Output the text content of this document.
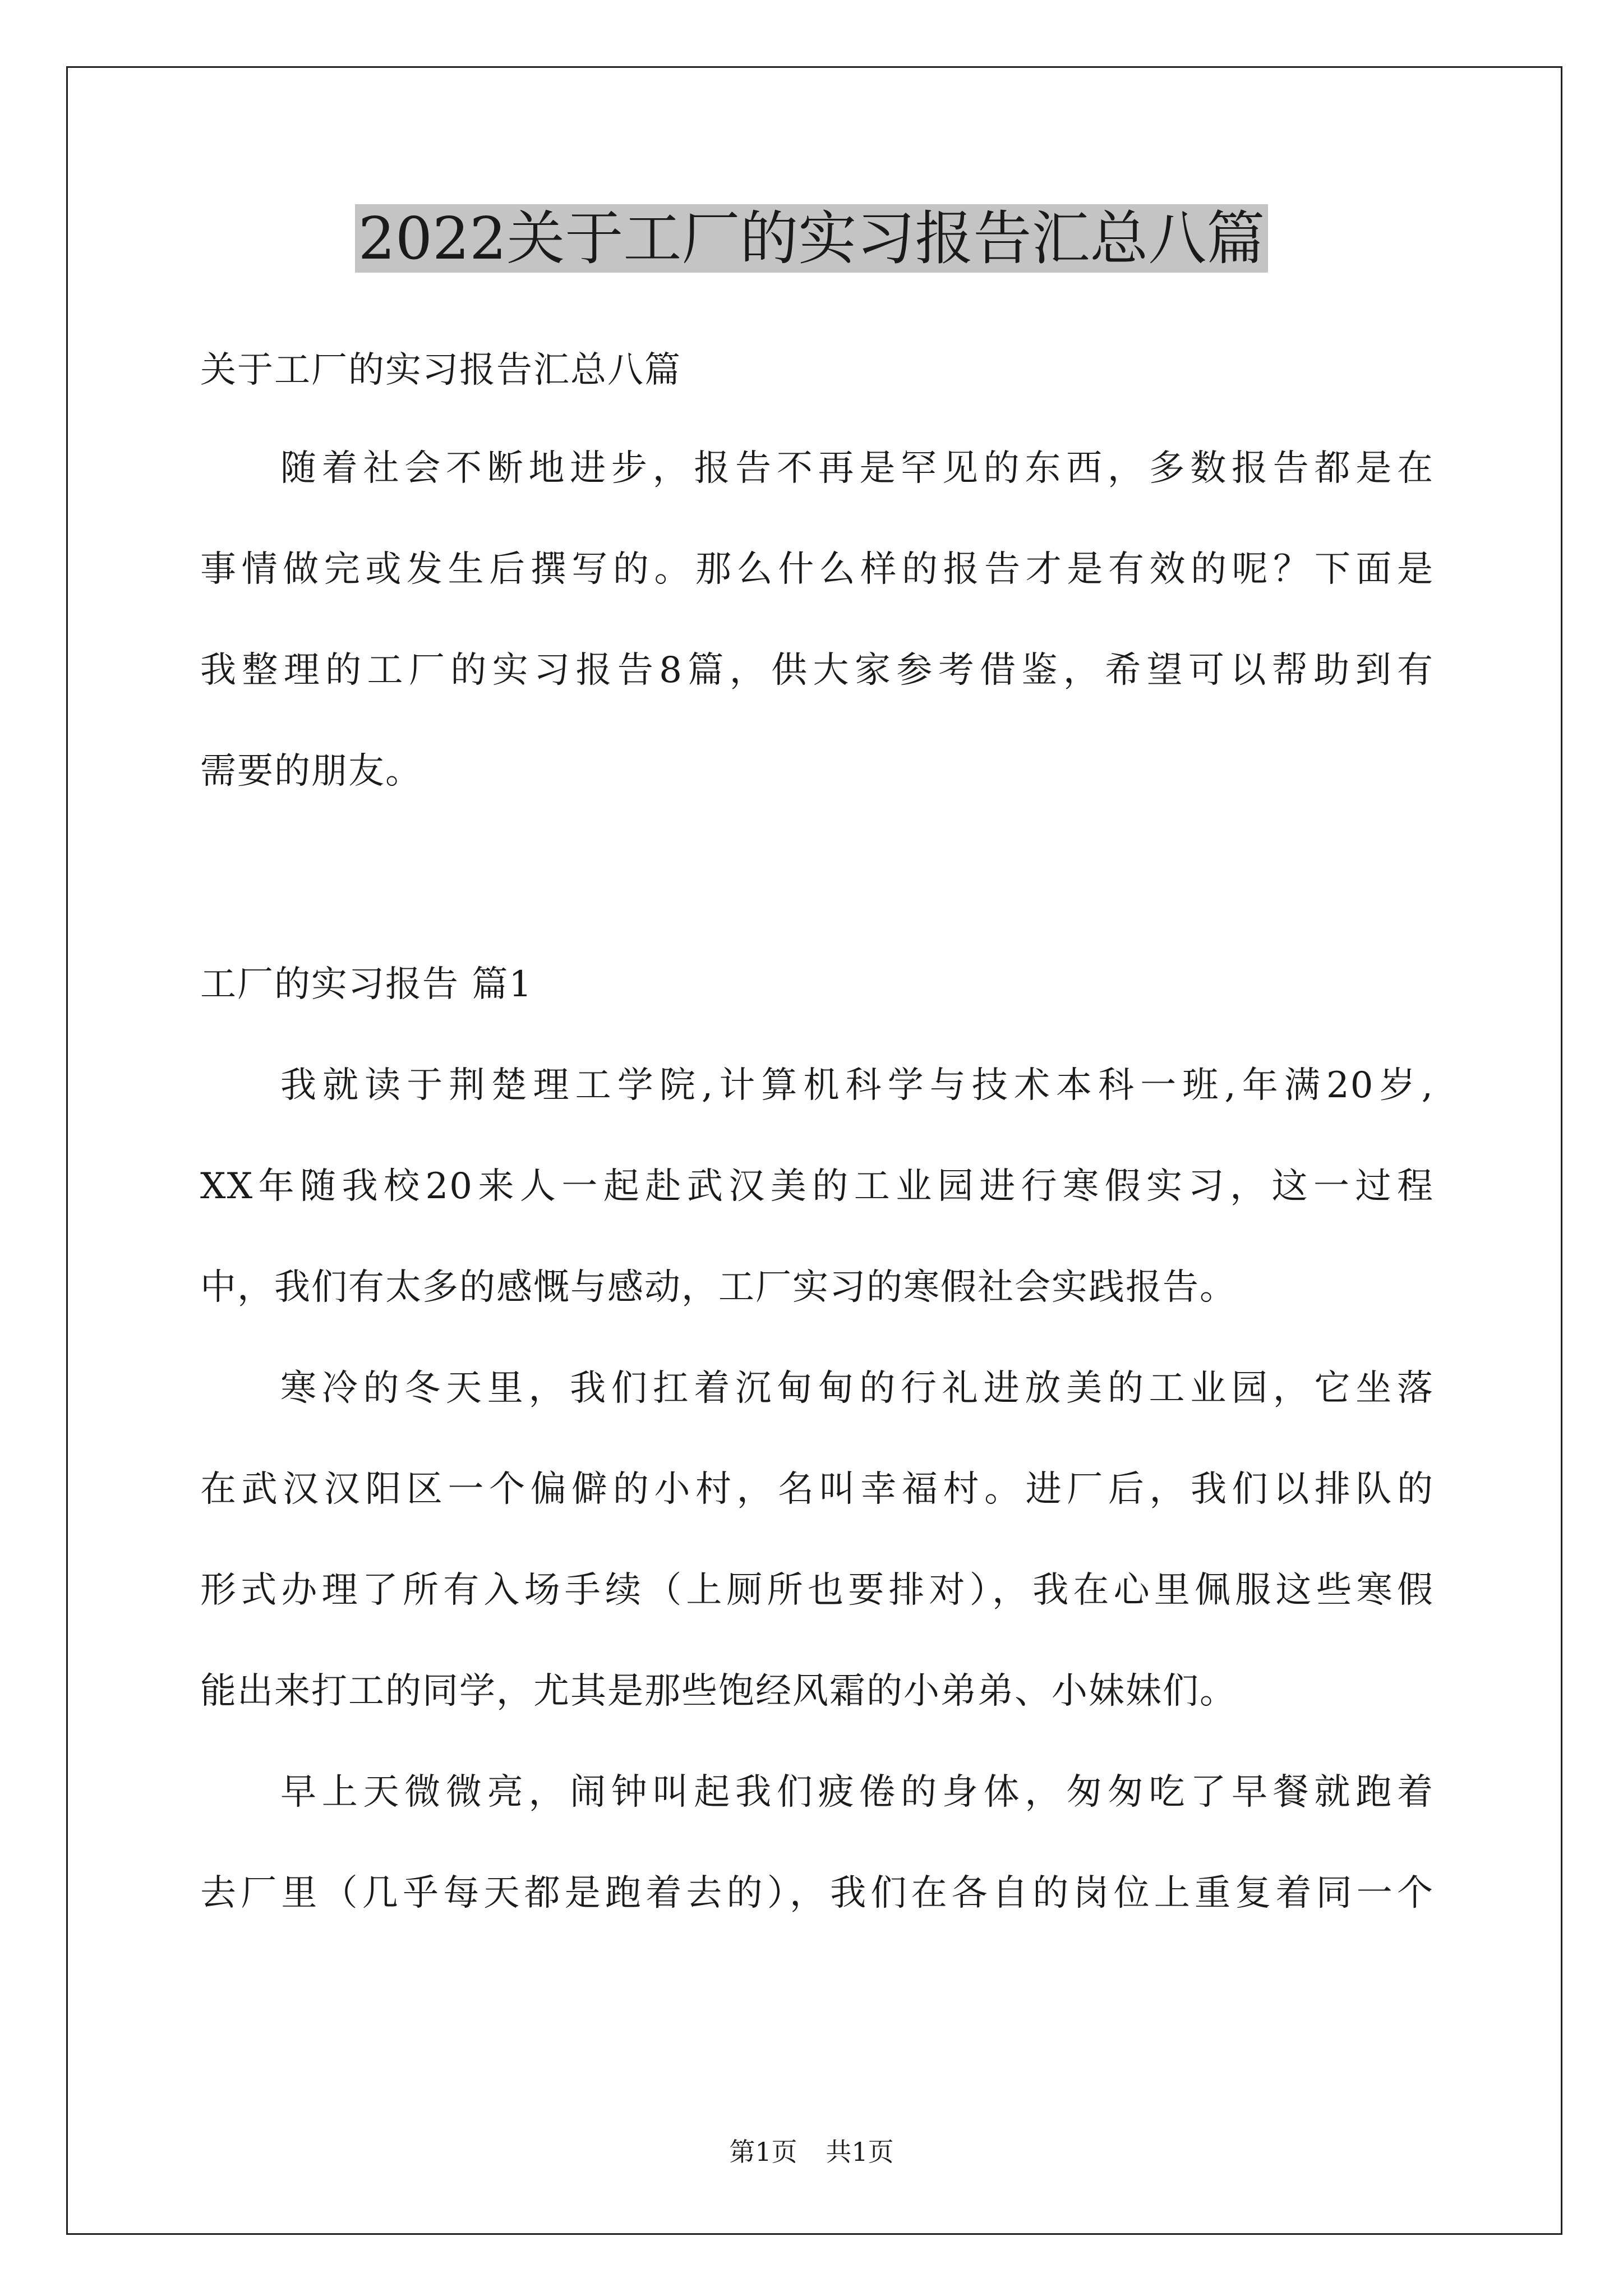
2022关于工厂的实习报告汇总八篇
关于工厂的实习报告汇总八篇
随着社会不断地进步，报告不再是罕见的东西，多数报告都是在
事情做完或发生后撰写的。那么什么样的报告才是有效的呢？下面是
我整理的工厂的实习报告8篇，供大家参考借鉴，希望可以帮助到有
需要的朋友。
工厂的实习报告 篇1
我就读于荆楚理工学院,计算机科学与技术本科一班,年满20岁,
XX年随我校20来人一起赴武汉美的工业园进行寒假实习，这一过程
中，我们有太多的感慨与感动，工厂实习的寒假社会实践报告。
寒冷的冬天里，我们扛着沉甸甸的行礼进放美的工业园，它坐落
在武汉汉阳区一个偏僻的小村，名叫幸福村。进厂后，我们以排队的
形式办理了所有入场手续（上厕所也要排对），我在心里佩服这些寒假
能出来打工的同学，尤其是那些饱经风霜的小弟弟、小妹妹们。
早上天微微亮，闹钟叫起我们疲倦的身体，匆匆吃了早餐就跑着
去厂里（几乎每天都是跑着去的），我们在各自的岗位上重复着同一个
第1页 共1页
